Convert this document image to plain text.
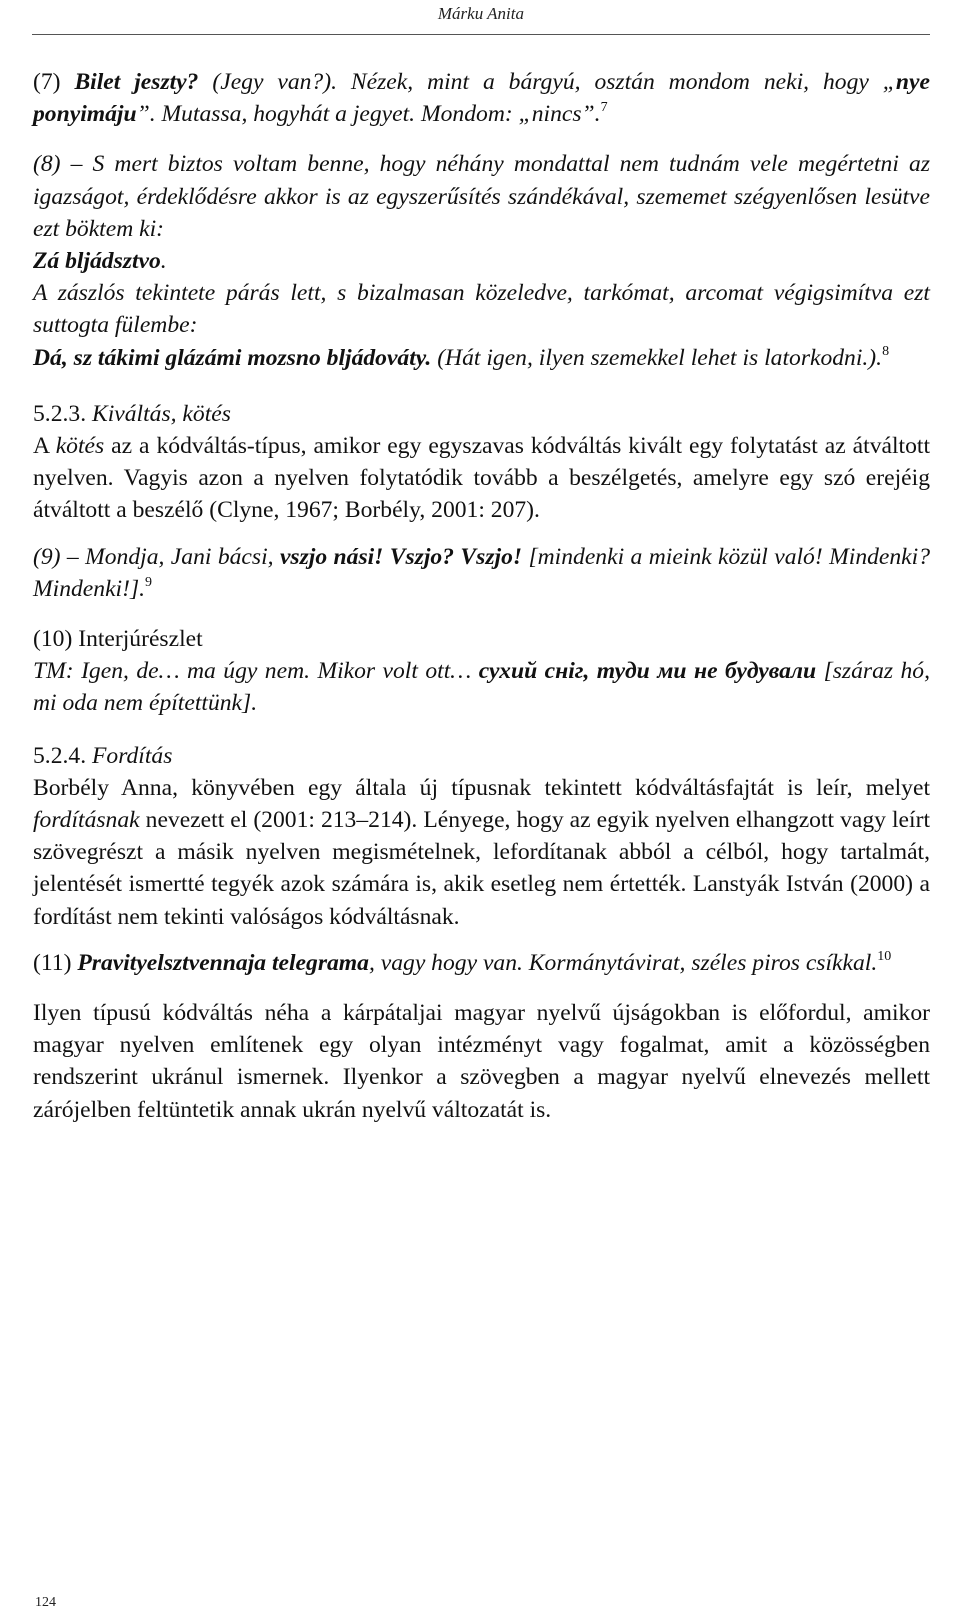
Márku Anita

(7) Bilet jeszty? (Jegy van?). Nézek, mint a bárgyú, osztán mondom neki, hogy „nye ponyimáju”. Mutassa, hogyhát a jegyet. Mondom: „nincs”.$^7$

(8) – S mert biztos voltam benne, hogy néhány mondattal nem tudnám vele megértetni az igazságot, érdeklődésre akkor is az egyszerűsítés szándékával, szememet szégyenlősen lesütve ezt böktem ki:

Zá bljádsztvo.

A zászlós tekintete párás lett, s bizalmasan közeledve, tarkómat, arcomat végigsimítva ezt suttogta fülembe:

Dá, sz tákimi glázámi mozsno bljádováty. (Hát igen, ilyen szemekkel lehet is latorkodni.).$^8$

5.2.3. Kiváltás, kötés

A kötés az a kódváltás-típus, amikor egy egyszavas kódváltás kivált egy folytatást az átváltott nyelven. Vagyis azon a nyelven folytatódik tovább a beszélgetés, amelyre egy szó erejéig átváltott a beszélő (Clyne, 1967; Borbély, 2001: 207).

(9) – Mondja, Jani bácsi, vszjo nási! Vszjo? Vszjo! [mindenki a mieink közül való! Mindenki? Mindenki!].$^9$

(10) Interjúrészlet

TM: Igen, de… ma úgy nem. Mikor volt ott… сухий сніг, туди ми не будували [száraz hó, mi oda nem építettünk].

5.2.4. Fordítás

Borbély Anna, könyvében egy általa új típusnak tekintett kódváltásfajtát is leír, melyet fordításnak nevezett el (2001: 213–214). Lényege, hogy az egyik nyelven elhangzott vagy leírt szövegrészt a másik nyelven megismételnek, lefordítanak abból a célból, hogy tartalmát, jelentését ismertté tegyék azok számára is, akik esetleg nem értették. Lanstyák István (2000) a fordítást nem tekinti valóságos kódváltásnak.

(11) Pravityelsztvennaja telegrama, vagy hogy van. Kormánytávirat, széles piros csíkkal.$^{10}$

Ilyen típusú kódváltás néha a kárpátaljai magyar nyelvű újságokban is előfordul, amikor magyar nyelven említenek egy olyan intézményt vagy fogalmat, amit a közösségben rendszerint ukránul ismernek. Ilyenkor a szövegben a magyar nyelvű elnevezés mellett zárójelben feltüntetik annak ukrán nyelvű változatát is.

124
